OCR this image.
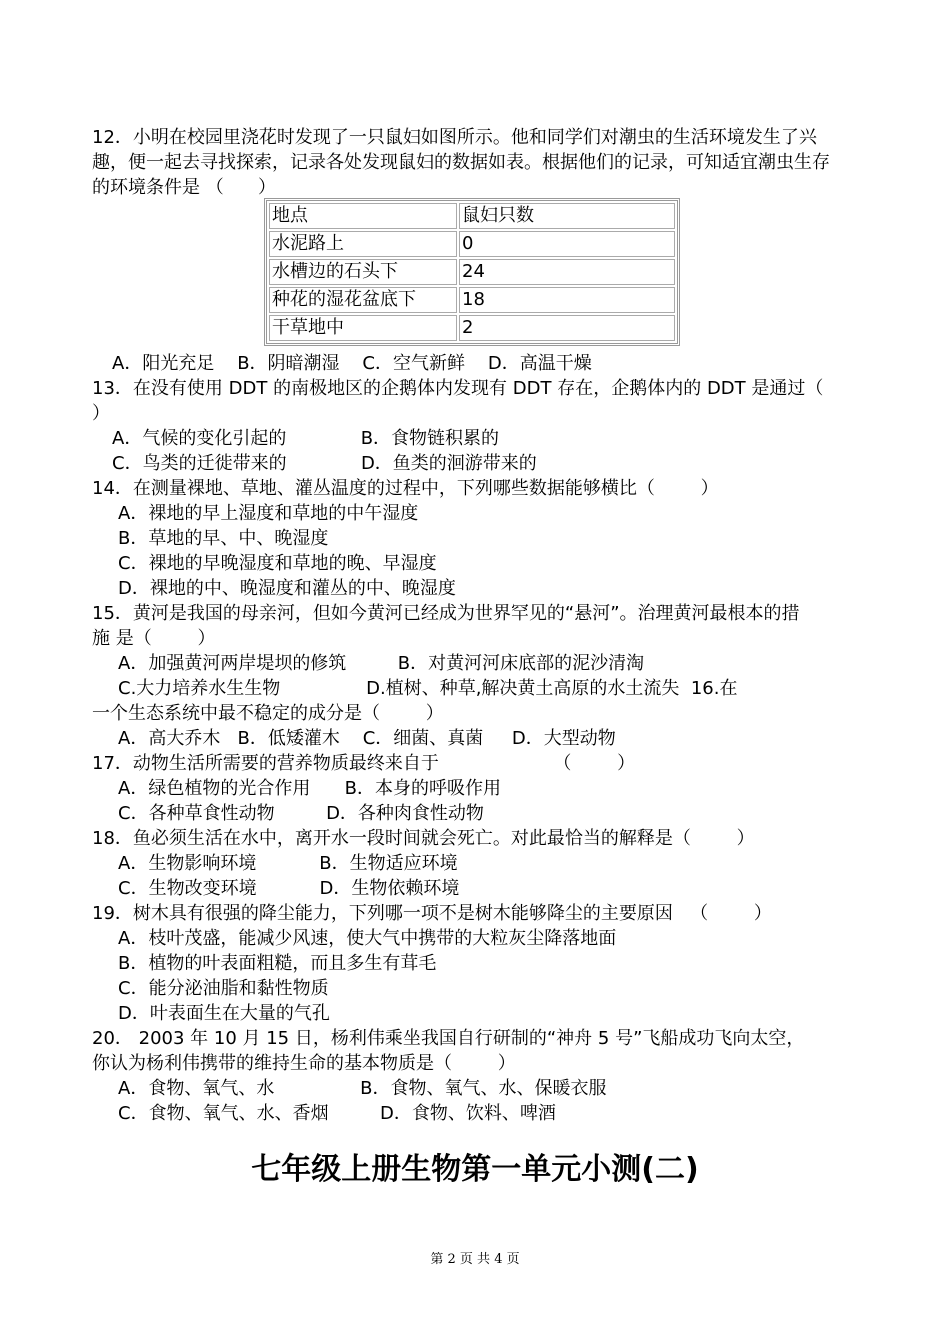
12．小明在校园里浇花时发现了一只鼠妇如图所示。他和同学们对潮虫的生活环境发生了兴
趣，便一起去寻找探索，记录各处发现鼠妇的数据如表。根据他们的记录，可知适宜潮虫生存
的环境条件是 （      ）
地点	鼠妇只数
水泥路上	0
水槽边的石头下	24
种花的湿花盆底下	18
干草地中	2
A．阳光充足    B．阴暗潮湿    C．空气新鲜    D．高温干燥
13．在没有使用 DDT 的南极地区的企鹅体内发现有 DDT 存在，企鹅体内的 DDT 是通过（
）
A．气候的变化引起的             B．食物链积累的
C．鸟类的迁徙带来的             D．鱼类的洄游带来的
14．在测量裸地、草地、灌丛温度的过程中，下列哪些数据能够横比（        ）
A．裸地的早上湿度和草地的中午湿度
B．草地的早、中、晚湿度
C．裸地的早晚湿度和草地的晚、早湿度
D．裸地的中、晚湿度和灌丛的中、晚湿度
15．黄河是我国的母亲河，但如今黄河已经成为世界罕见的“悬河”。治理黄河最根本的措
施 是（        ）
A．加强黄河两岸堤坝的修筑         B．对黄河河床底部的泥沙清淘
C.大力培养水生生物               D.植树、种草,解决黄土高原的水土流失  16.在
一个生态系统中最不稳定的成分是（        ）
A．高大乔木   B．低矮灌木    C．细菌、真菌     D．大型动物
17．动物生活所需要的营养物质最终来自于                    （        ）
A．绿色植物的光合作用      B．本身的呼吸作用
C．各种草食性动物         D．各种肉食性动物
18．鱼必须生活在水中，离开水一段时间就会死亡。对此最恰当的解释是（        ）
A．生物影响环境           B．生物适应环境
C．生物改变环境           D．生物依赖环境
19．树木具有很强的降尘能力，下列哪一项不是树木能够降尘的主要原因   （        ）
A．枝叶茂盛，能减少风速，使大气中携带的大粒灰尘降落地面
B．植物的叶表面粗糙，而且多生有茸毛
C．能分泌油脂和黏性物质
D．叶表面生在大量的气孔
20． 2003 年 10 月 15 日，杨利伟乘坐我国自行研制的“神舟 5 号”飞船成功飞向太空，
你认为杨利伟携带的维持生命的基本物质是（        ）
A．食物、氧气、水               B．食物、氧气、水、保暖衣服
C．食物、氧气、水、香烟         D．食物、饮料、啤酒
七年级上册生物第一单元小测(二)
第 2 页 共 4 页
